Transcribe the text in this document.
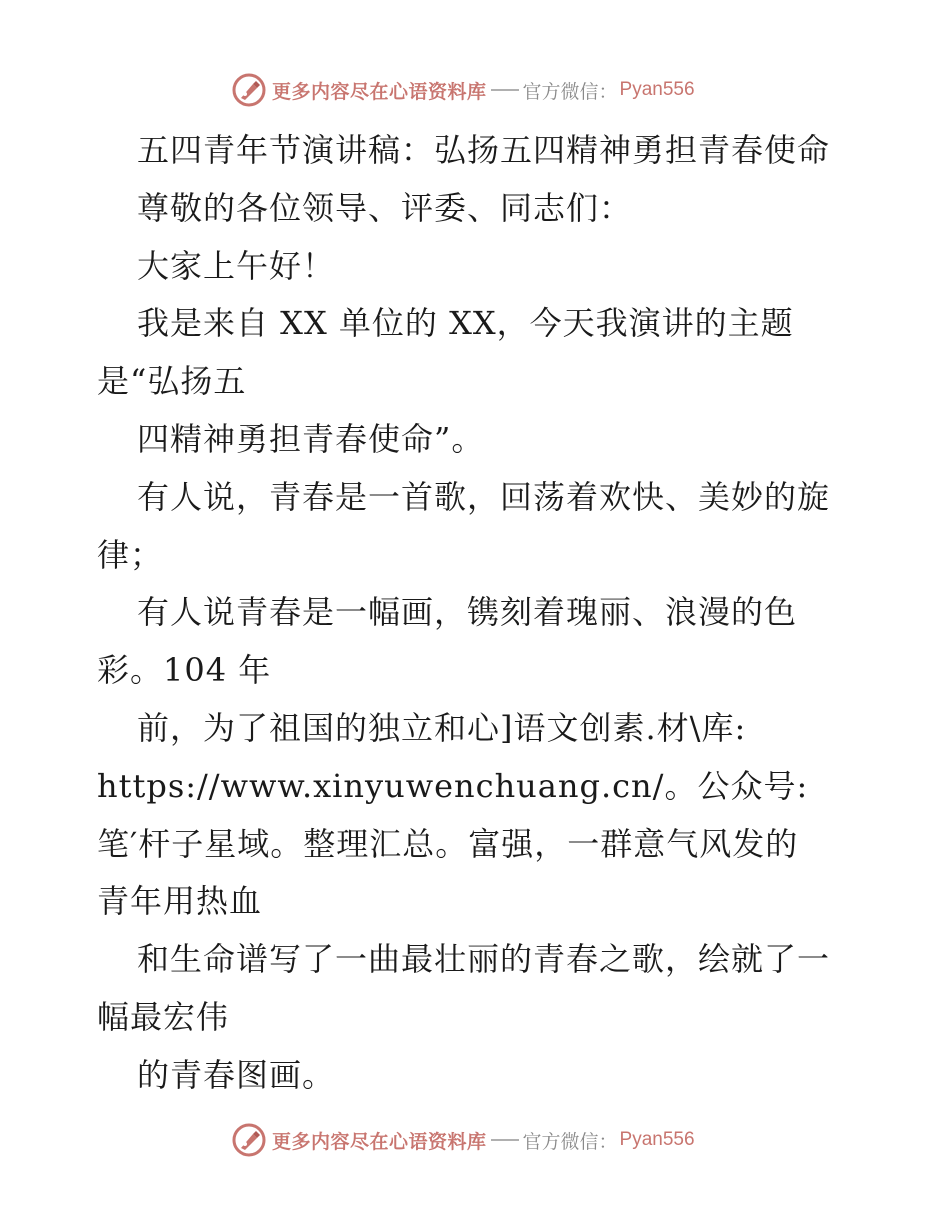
更多内容尽在心语资料库 官方微信： Pyan556
五四青年节演讲稿：弘扬五四精神勇担青春使命
尊敬的各位领导、评委、同志们：
大家上午好！
我是来自 XX 单位的 XX，今天我演讲的主题
是“弘扬五
四精神勇担青春使命”。
有人说，青春是一首歌，回荡着欢快、美妙的旋
律；
有人说青春是一幅画，镌刻着瑰丽、浪漫的色
彩。104 年
前，为了祖国的独立和心]语文创素.材\库:
https://www.xinyuwenchuang.cn/。公众号:
笔′杆子星域。整理汇总。富强，一群意气风发的
青年用热血
和生命谱写了一曲最壮丽的青春之歌，绘就了一
幅最宏伟
的青春图画。
更多内容尽在心语资料库 官方微信： Pyan556
